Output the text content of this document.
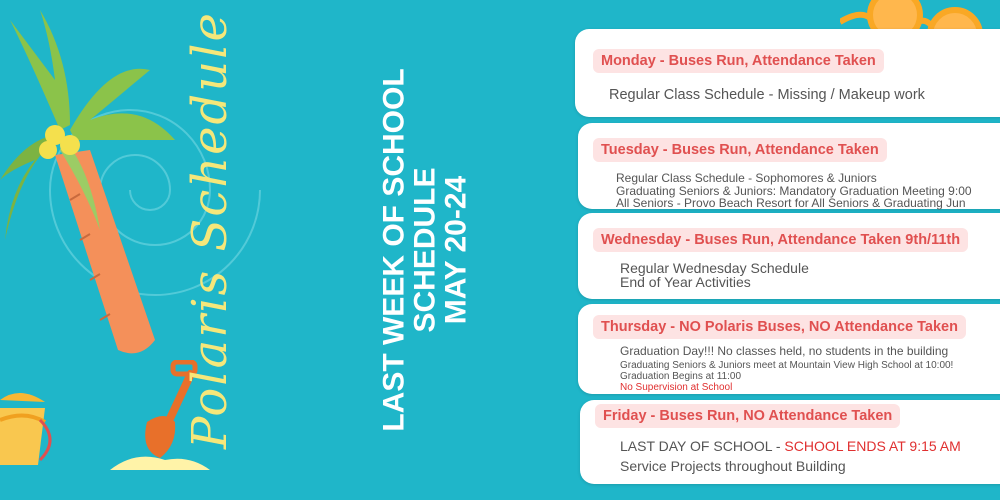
Polaris Schedule	LAST WEEK OF SCHOOL
SCHEDULE
MAY 20-24
Monday - Buses Run, Attendance Taken
Regular Class Schedule - Missing / Makeup work
Tuesday - Buses Run, Attendance Taken
Regular Class Schedule - Sophomores & Juniors
Graduating Seniors & Juniors: Mandatory Graduation Meeting 9:00
All Seniors - Provo Beach Resort for All Seniors & Graduating Jun
Wednesday - Buses Run, Attendance Taken 9th/11th
Regular Wednesday Schedule
End of Year Activities
Thursday - NO Polaris Buses, NO Attendance Taken
Graduation Day!!! No classes held, no students in the building
Graduating Seniors & Juniors meet at Mountain View High School at 10:00!
Graduation Begins at 11:00
No Supervision at School
Friday - Buses Run, NO Attendance Taken
LAST DAY OF SCHOOL - SCHOOL ENDS AT 9:15 AM
Service Projects throughout Building
